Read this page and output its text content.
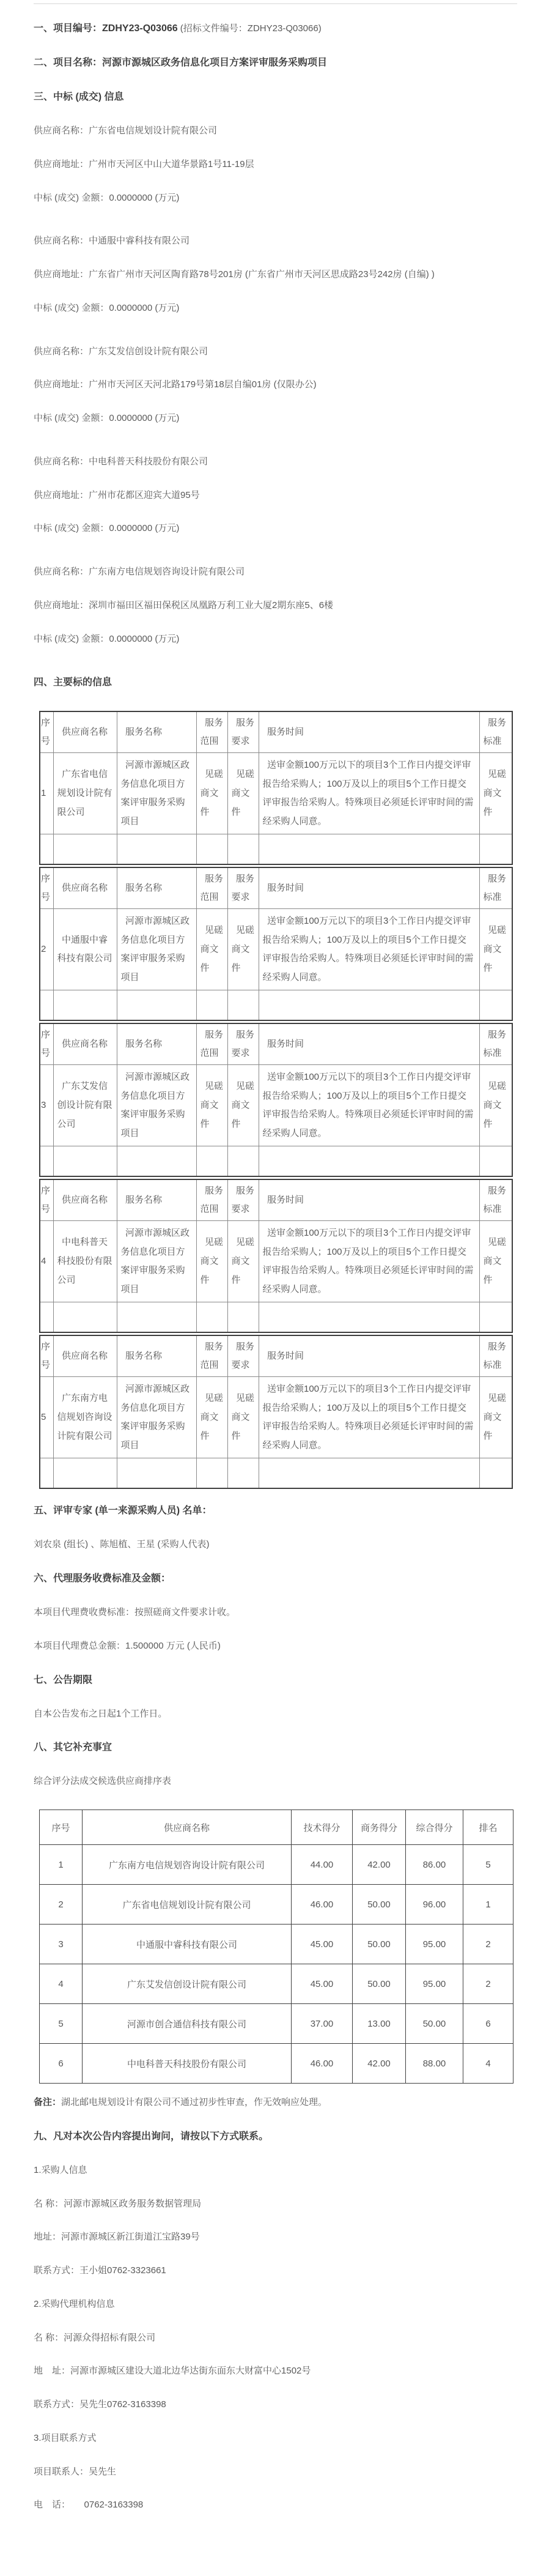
一、项目编号：ZDHY23-Q03066 (招标文件编号：ZDHY23-Q03066)

二、项目名称：河源市源城区政务信息化项目方案评审服务采购项目

三、中标 (成交) 信息

供应商名称：广东省电信规划设计院有限公司

供应商地址：广州市天河区中山大道华景路1号11-19层

中标 (成交) 金额：0.0000000 (万元)

供应商名称：中通服中睿科技有限公司

供应商地址：广东省广州市天河区陶育路78号201房 (广东省广州市天河区思成路23号242房 (自编) )

中标 (成交) 金额：0.0000000 (万元)

供应商名称：广东艾发信创设计院有限公司

供应商地址：广州市天河区天河北路179号第18层自编01房 (仅限办公)

中标 (成交) 金额：0.0000000 (万元)

供应商名称：中电科普天科技股份有限公司

供应商地址：广州市花都区迎宾大道95号

中标 (成交) 金额：0.0000000 (万元)

供应商名称：广东南方电信规划咨询设计院有限公司

供应商地址：深圳市福田区福田保税区凤凰路万利工业大厦2期东座5、6楼

中标 (成交) 金额：0.0000000 (万元)

四、主要标的信息

序号	供应商名称	服务名称	服务范围	服务要求	服务时间	服务标准
1	广东省电信规划设计院有限公司	河源市源城区政务信息化项目方案评审服务采购项目	见磋商文件	见磋商文件	送审金额100万元以下的项目3个工作日内提交评审报告给采购人；100万及以上的项目5个工作日提交评审报告给采购人。特殊项目必须延长评审时间的需经采购人同意。	见磋商文件

序号	供应商名称	服务名称	服务范围	服务要求	服务时间	服务标准
2	中通服中睿科技有限公司	河源市源城区政务信息化项目方案评审服务采购项目	见磋商文件	见磋商文件	送审金额100万元以下的项目3个工作日内提交评审报告给采购人；100万及以上的项目5个工作日提交评审报告给采购人。特殊项目必须延长评审时间的需经采购人同意。	见磋商文件

序号	供应商名称	服务名称	服务范围	服务要求	服务时间	服务标准
3	广东艾发信创设计院有限公司	河源市源城区政务信息化项目方案评审服务采购项目	见磋商文件	见磋商文件	送审金额100万元以下的项目3个工作日内提交评审报告给采购人；100万及以上的项目5个工作日提交评审报告给采购人。特殊项目必须延长评审时间的需经采购人同意。	见磋商文件

序号	供应商名称	服务名称	服务范围	服务要求	服务时间	服务标准
4	中电科普天科技股份有限公司	河源市源城区政务信息化项目方案评审服务采购项目	见磋商文件	见磋商文件	送审金额100万元以下的项目3个工作日内提交评审报告给采购人；100万及以上的项目5个工作日提交评审报告给采购人。特殊项目必须延长评审时间的需经采购人同意。	见磋商文件

序号	供应商名称	服务名称	服务范围	服务要求	服务时间	服务标准
5	广东南方电信规划咨询设计院有限公司	河源市源城区政务信息化项目方案评审服务采购项目	见磋商文件	见磋商文件	送审金额100万元以下的项目3个工作日内提交评审报告给采购人；100万及以上的项目5个工作日提交评审报告给采购人。特殊项目必须延长评审时间的需经采购人同意。	见磋商文件

五、评审专家 (单一来源采购人员) 名单：

刘农泉 (组长) 、陈旭植、王星 (采购人代表)

六、代理服务收费标准及金额：

本项目代理费收费标准：按照磋商文件要求计收。

本项目代理费总金额：1.500000 万元 (人民币)

七、公告期限

自本公告发布之日起1个工作日。

八、其它补充事宜

综合评分法成交候选供应商排序表

序号	供应商名称	技术得分	商务得分	综合得分	排名
1	广东南方电信规划咨询设计院有限公司	44.00	42.00	86.00	5
2	广东省电信规划设计院有限公司	46.00	50.00	96.00	1
3	中通服中睿科技有限公司	45.00	50.00	95.00	2
4	广东艾发信创设计院有限公司	45.00	50.00	95.00	2
5	河源市创合通信科技有限公司	37.00	13.00	50.00	6
6	中电科普天科技股份有限公司	46.00	42.00	88.00	4

备注：湖北邮电规划设计有限公司不通过初步性审查，作无效响应处理。

九、凡对本次公告内容提出询问，请按以下方式联系。

1.采购人信息

名 称：河源市源城区政务服务数据管理局

地址：河源市源城区新江街道江宝路39号

联系方式：王小姐0762-3323661

2.采购代理机构信息

名 称：河源众得招标有限公司

地　址：河源市源城区建设大道北边华达街东面东大财富中心1502号

联系方式：吴先生0762-3163398

3.项目联系方式

项目联系人：吴先生

电　话：　　0762-3163398
